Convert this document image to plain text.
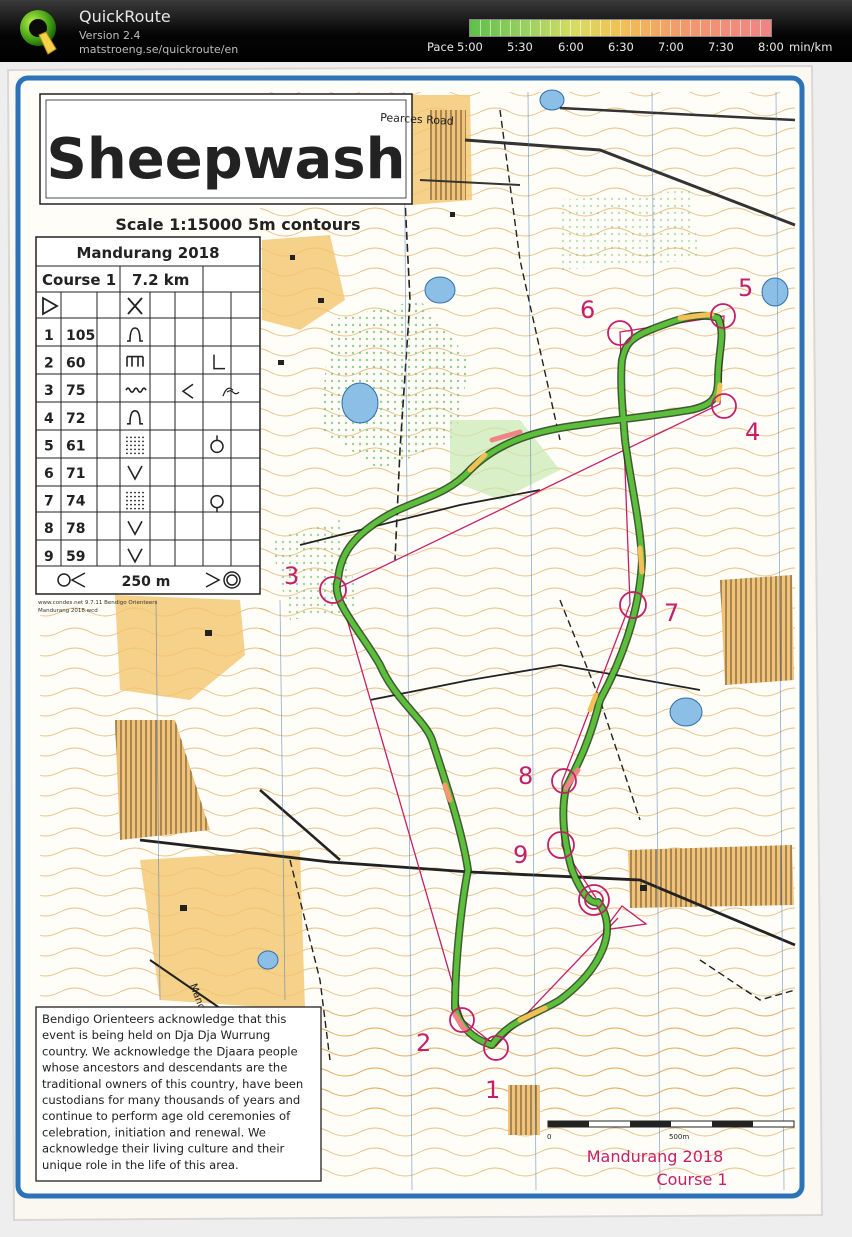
QuickRoute
Version 2.4
matstroeng.se/quickroute/en	Pace 5:00 5:30 6:00 6:30 7:00 7:30 8:00 min/km
Sheepwash
Scale 1:15000 5m contours
Pearces Road
Mandurang 2018
Course 1 7.2 km
1 105
2 60
3 75
4 72
5 61
6 71
7 74
8 78
9 59
250 m
www.condes.net 9.7.11 Bendigo Orienteers
Mandurang 2018.wcd
1
2
3
4
5
6
7
8
9
Bendigo Orienteers acknowledge that this
event is being held on Dja Dja Wurrung
country. We acknowledge the Djaara people
whose ancestors and descendants are the
traditional owners of this country, have been
custodians for many thousands of years and
continue to perform age old ceremonies of
celebration, initiation and renewal. We
acknowledge their living culture and their
unique role in the life of this area.
0	500m
Mandurang 2018
Course 1
